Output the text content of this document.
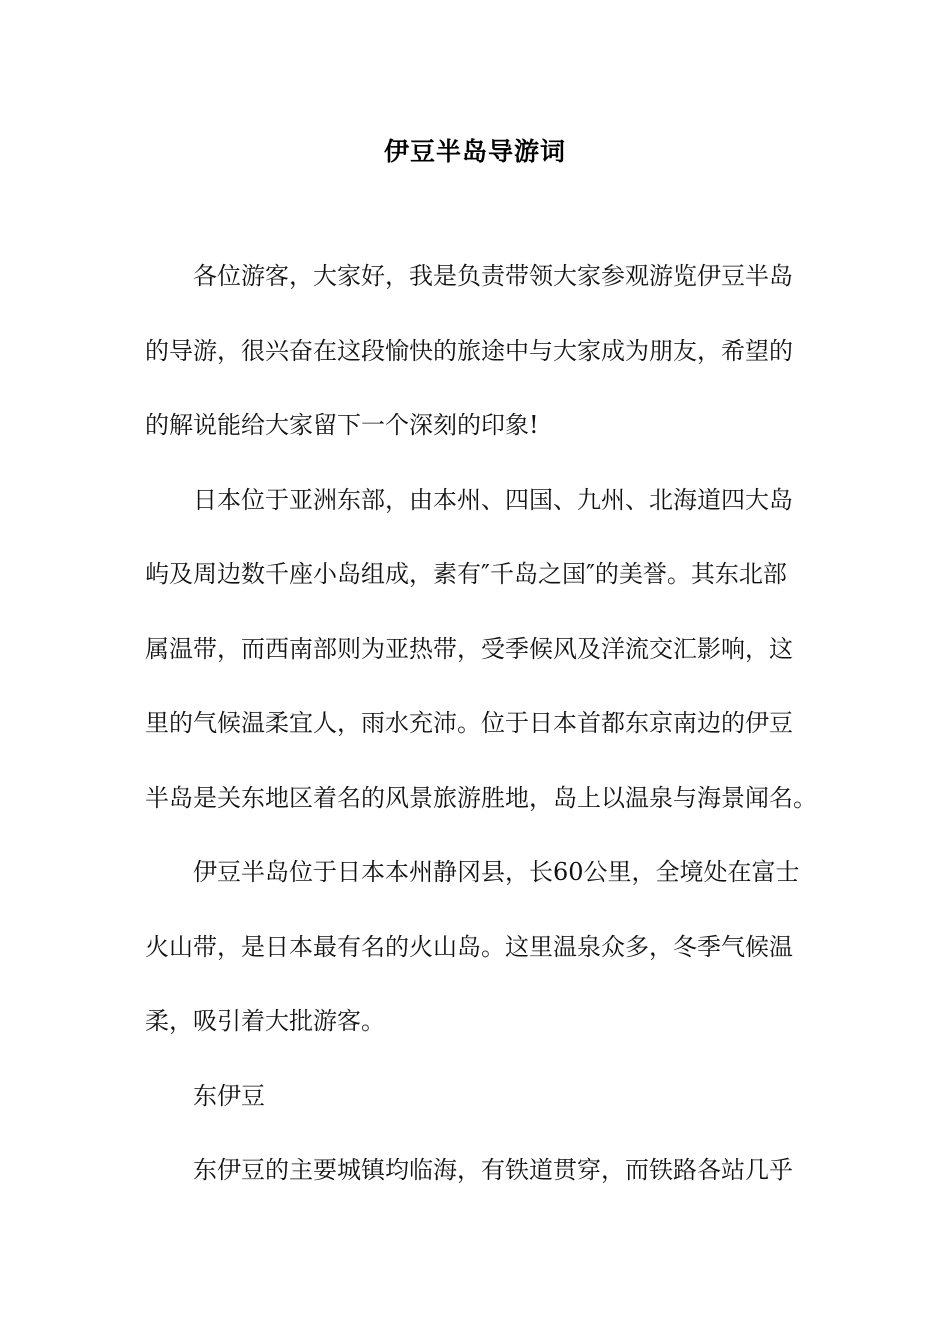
伊豆半岛导游词
各位游客，大家好，我是负责带领大家参观游览伊豆半岛
的导游，很兴奋在这段愉快的旅途中与大家成为朋友，希望的
的解说能给大家留下一个深刻的印象!
日本位于亚洲东部，由本州、四国、九州、北海道四大岛
屿及周边数千座小岛组成，素有″千岛之国″的美誉。其东北部
属温带，而西南部则为亚热带，受季候风及洋流交汇影响，这
里的气候温柔宜人，雨水充沛。位于日本首都东京南边的伊豆
半岛是关东地区着名的风景旅游胜地，岛上以温泉与海景闻名。
伊豆半岛位于日本本州静冈县，长60公里，全境处在富士
火山带，是日本最有名的火山岛。这里温泉众多，冬季气候温
柔，吸引着大批游客。
东伊豆
东伊豆的主要城镇均临海，有铁道贯穿，而铁路各站几乎
